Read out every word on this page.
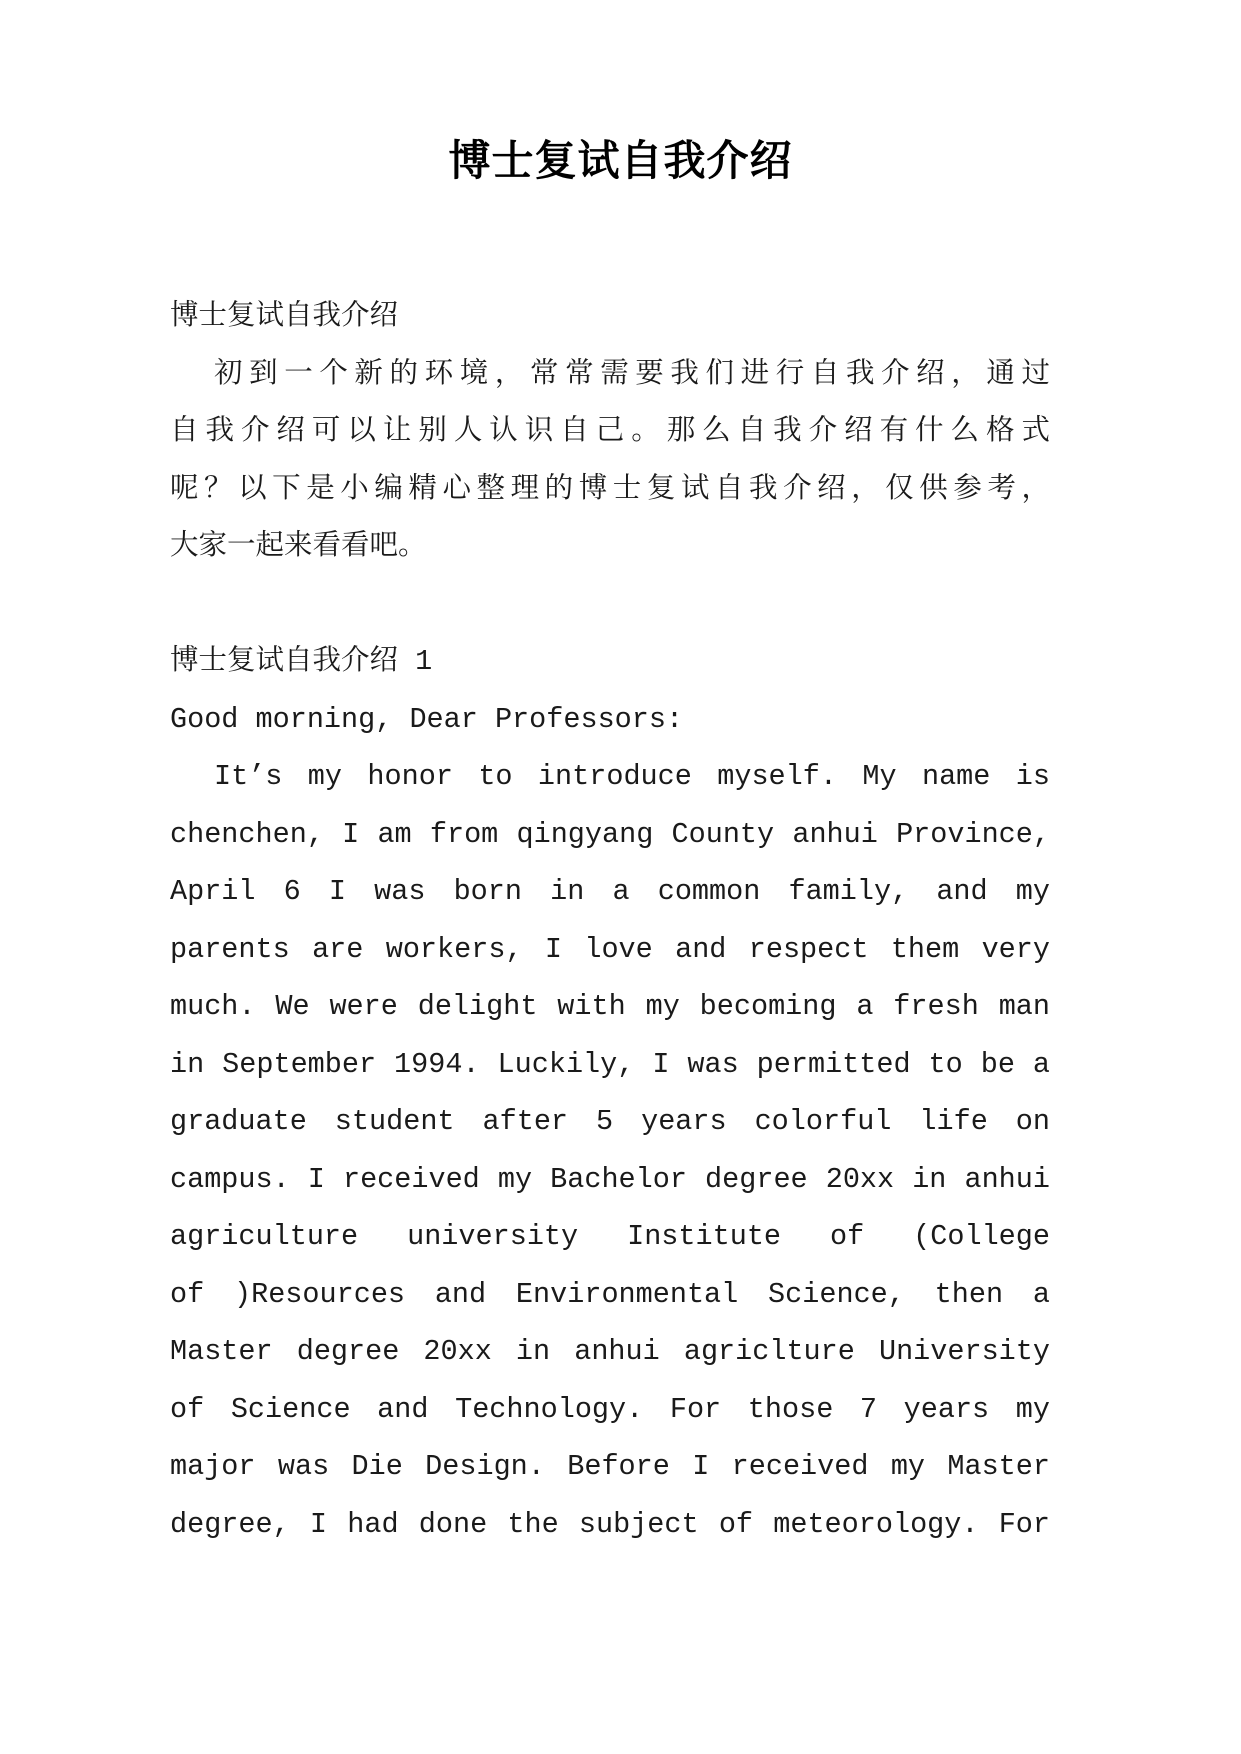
博士复试自我介绍
博士复试自我介绍
初到一个新的环境，常常需要我们进行自我介绍，通过
自我介绍可以让别人认识自己。那么自我介绍有什么格式
呢？以下是小编精心整理的博士复试自我介绍，仅供参考，
大家一起来看看吧。
博士复试自我介绍 1
Good morning, Dear Professors:
It’s my honor to introduce myself. My name is
chenchen, I am from qingyang County anhui Province,
April 6 I was born in a common family, and my
parents are workers, I love and respect them very
much. We were delight with my becoming a fresh man
in September 1994. Luckily, I was permitted to be a
graduate student after 5 years colorful life on
campus. I received my Bachelor degree 20xx in anhui
agriculture university Institute of (College
of )Resources and Environmental Science, then a
Master degree 20xx in anhui agriclture University
of Science and Technology. For those 7 years my
major was Die Design. Before I received my Master
degree, I had done the subject of meteorology. For
